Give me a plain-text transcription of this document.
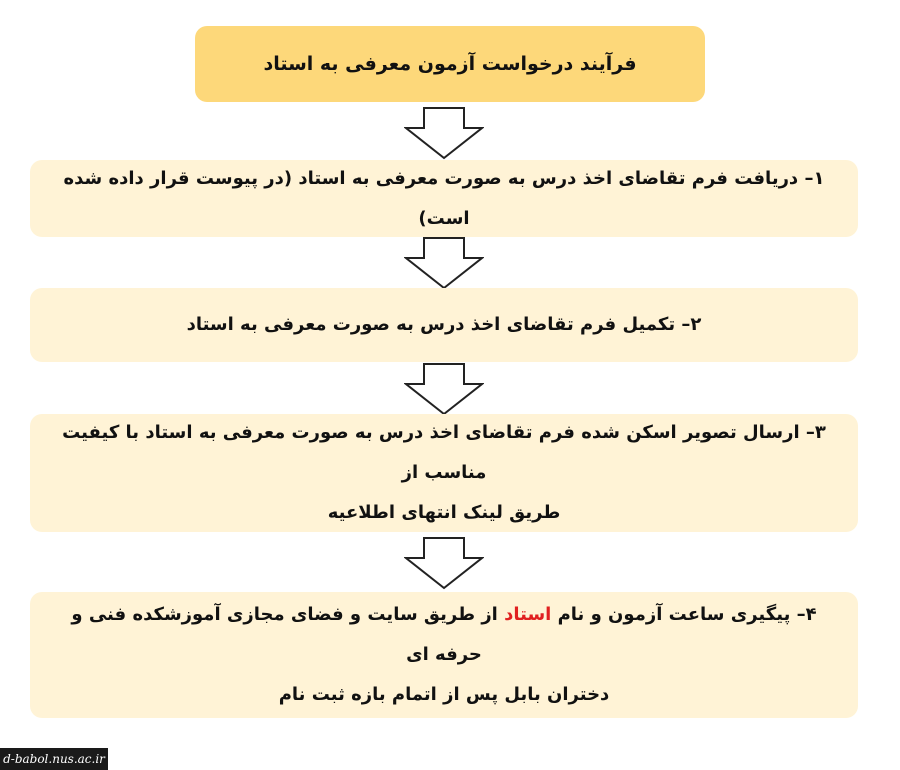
فرآیند درخواست آزمون معرفی به استاد
۱– دریافت فرم تقاضای اخذ درس به صورت معرفی به استاد (در پیوست قرار داده شده است)
۲– تکمیل فرم تقاضای اخذ درس به صورت معرفی به استاد
۳– ارسال تصویر اسکن شده فرم تقاضای اخذ درس به صورت معرفی به استاد با کیفیت مناسب از
طریق لینک انتهای اطلاعیه
۴– پیگیری ساعت آزمون و نام استاد از طریق سایت و فضای مجازی آموزشکده فنی و حرفه ای
دختران بابل پس از اتمام بازه ثبت نام
d-babol.nus.ac.ir
